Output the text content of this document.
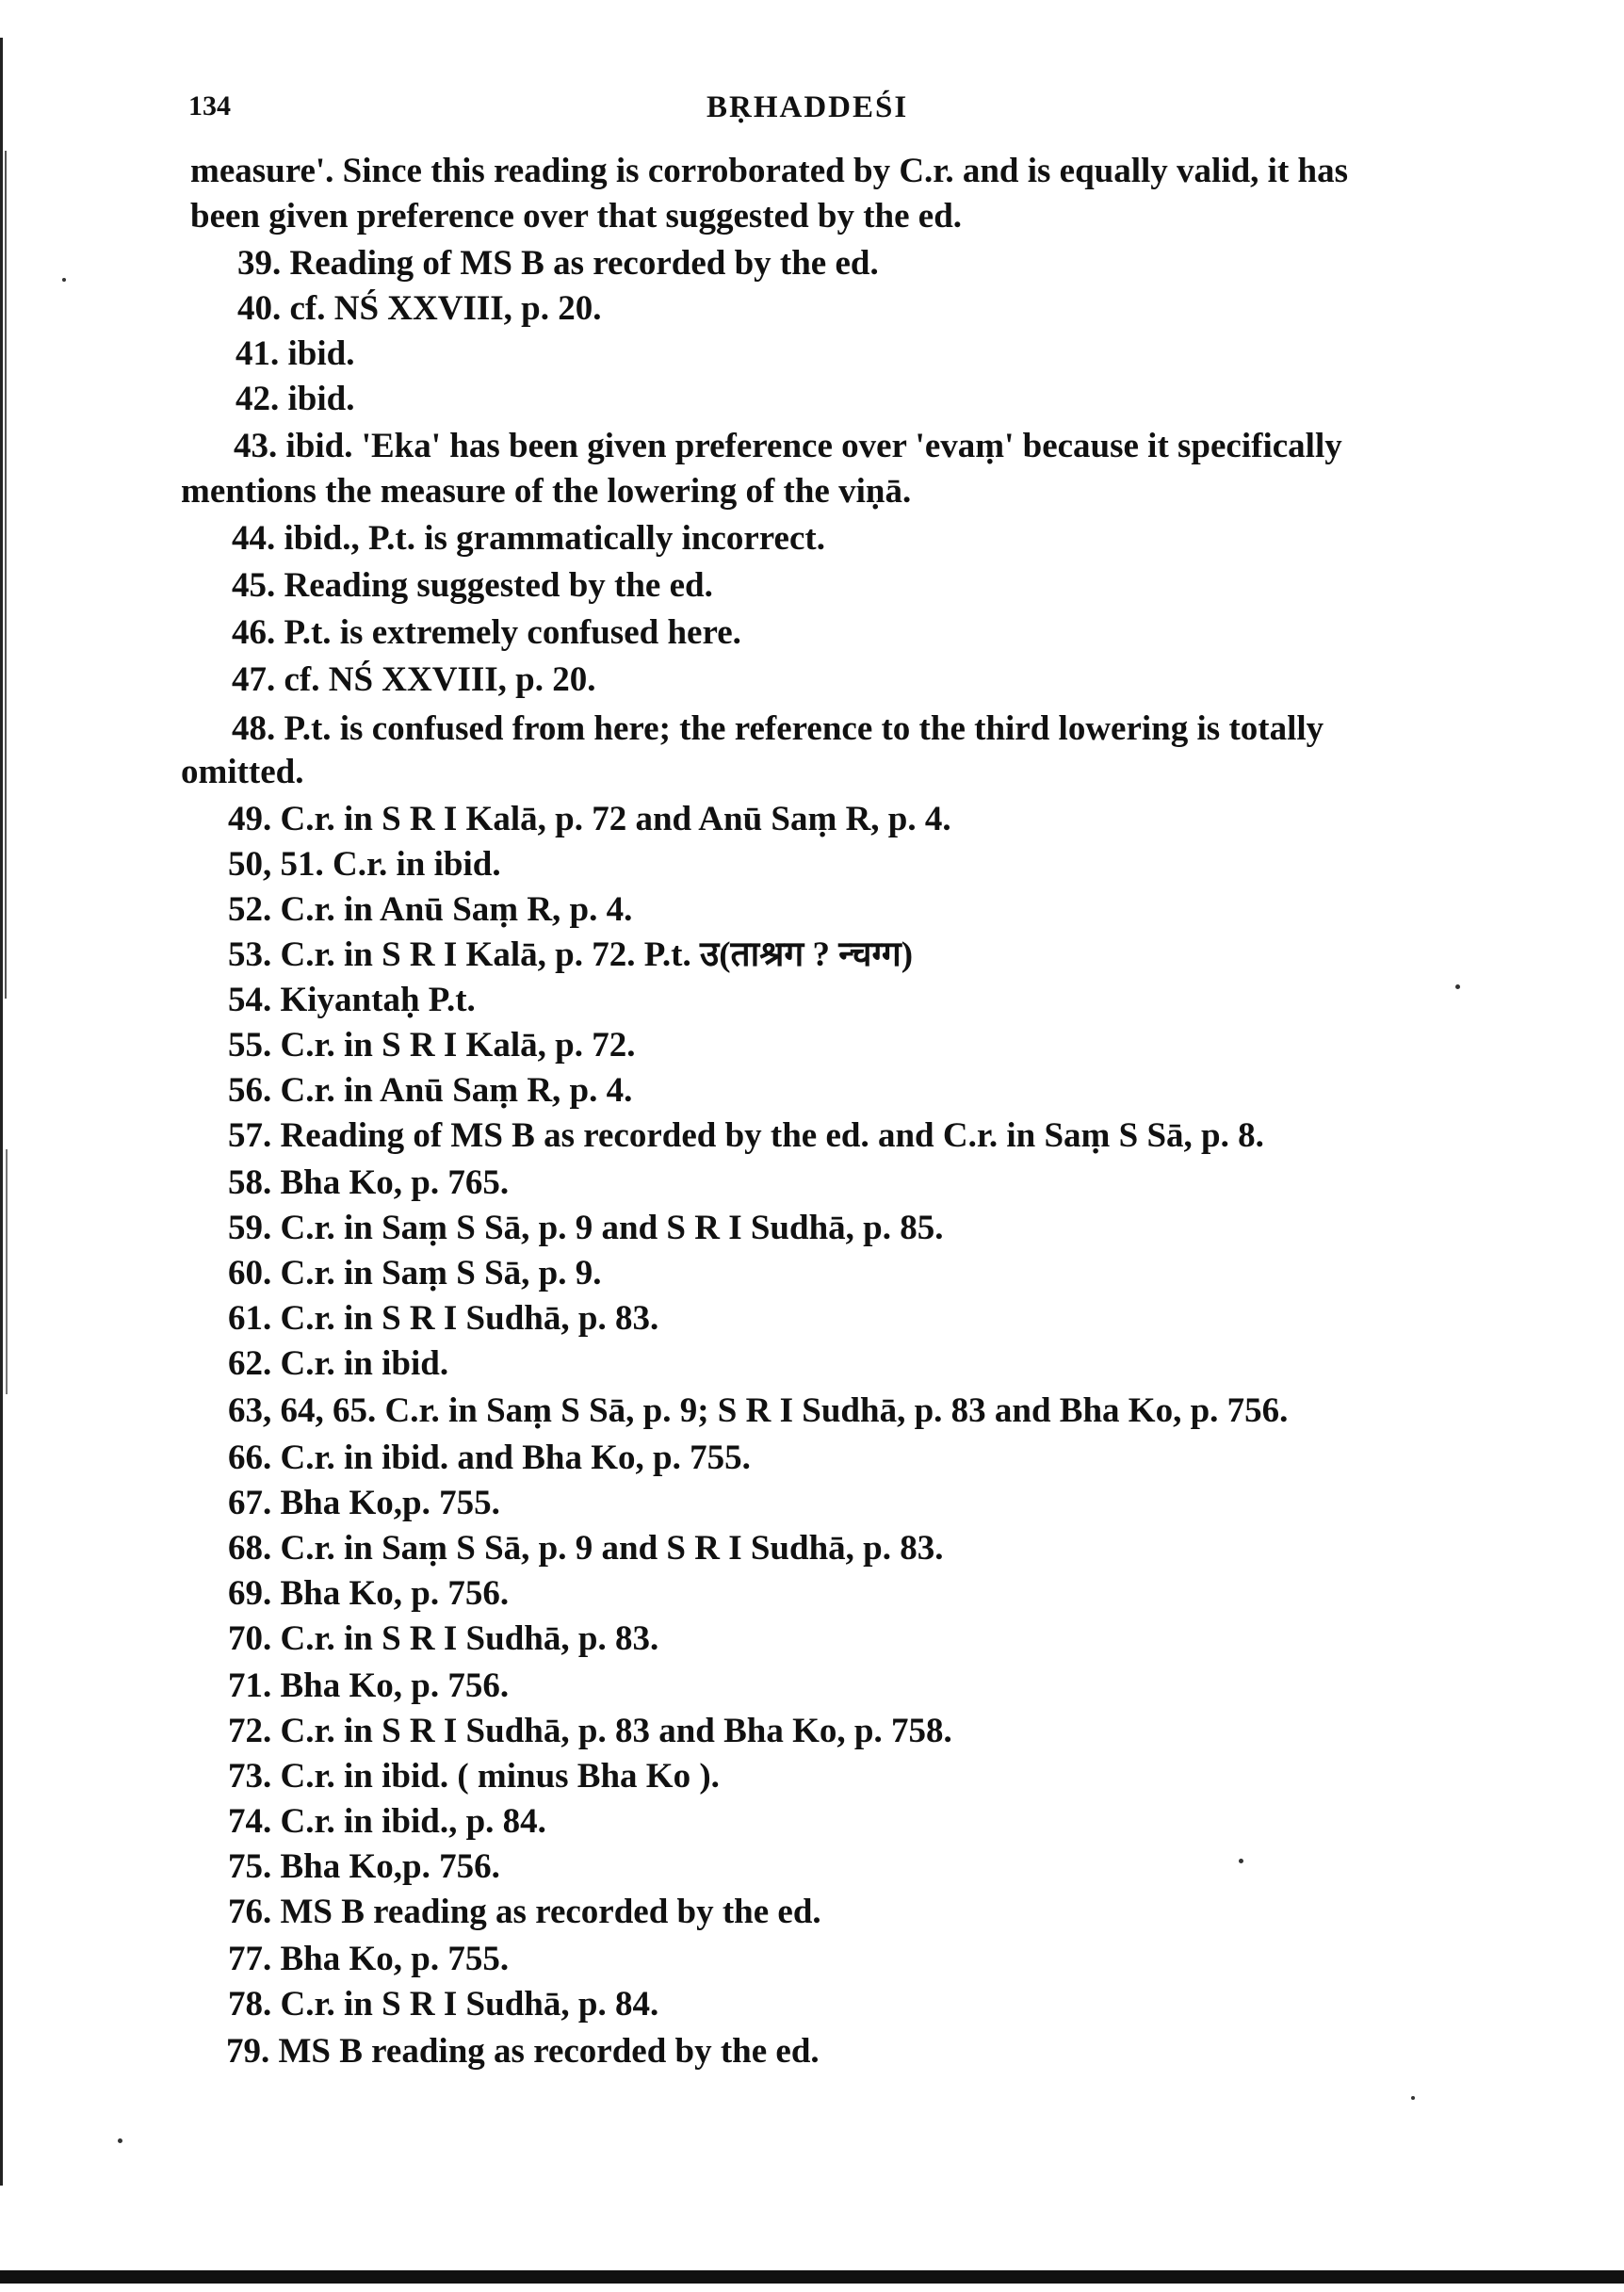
134	BṚHADDEŚI
measure'. Since this reading is corroborated by C.r. and is equally valid, it has
been given preference over that suggested by the ed.
39. Reading of MS B as recorded by the ed.
40. cf. NŚ XXVIII, p. 20.
41. ibid.
42. ibid.
43. ibid. 'Eka' has been given preference over 'evaṃ' because it specifically
mentions the measure of the lowering of the viṇā.
44. ibid., P.t. is grammatically incorrect.
45. Reading suggested by the ed.
46. P.t. is extremely confused here.
47. cf. NŚ XXVIII, p. 20.
48. P.t. is confused from here; the reference to the third lowering is totally
omitted.
49. C.r. in S R I Kalā, p. 72 and Anū Saṃ R, p. 4.
50, 51. C.r. in ibid.
52. C.r. in Anū Saṃ R, p. 4.
53. C.r. in S R I Kalā, p. 72. P.t. उ(ताश्रग ? न्चग्ग)
54. Kiyantaḥ P.t.
55. C.r. in S R I Kalā, p. 72.
56. C.r. in Anū Saṃ R, p. 4.
57. Reading of MS B as recorded by the ed. and C.r. in Saṃ S Sā, p. 8.
58. Bha Ko, p. 765.
59. C.r. in Saṃ S Sā, p. 9 and S R I Sudhā, p. 85.
60. C.r. in Saṃ S Sā, p. 9.
61. C.r. in S R I Sudhā, p. 83.
62. C.r. in ibid.
63, 64, 65. C.r. in Saṃ S Sā, p. 9; S R I Sudhā, p. 83 and Bha Ko, p. 756.
66. C.r. in ibid. and Bha Ko, p. 755.
67. Bha Ko,p. 755.
68. C.r. in Saṃ S Sā, p. 9 and S R I Sudhā, p. 83.
69. Bha Ko, p. 756.
70. C.r. in S R I Sudhā, p. 83.
71. Bha Ko, p. 756.
72. C.r. in S R I Sudhā, p. 83 and Bha Ko, p. 758.
73. C.r. in ibid. ( minus Bha Ko ).
74. C.r. in ibid., p. 84.
75. Bha Ko,p. 756.
76. MS B reading as recorded by the ed.
77. Bha Ko, p. 755.
78. C.r. in S R I Sudhā, p. 84.
79. MS B reading as recorded by the ed.
